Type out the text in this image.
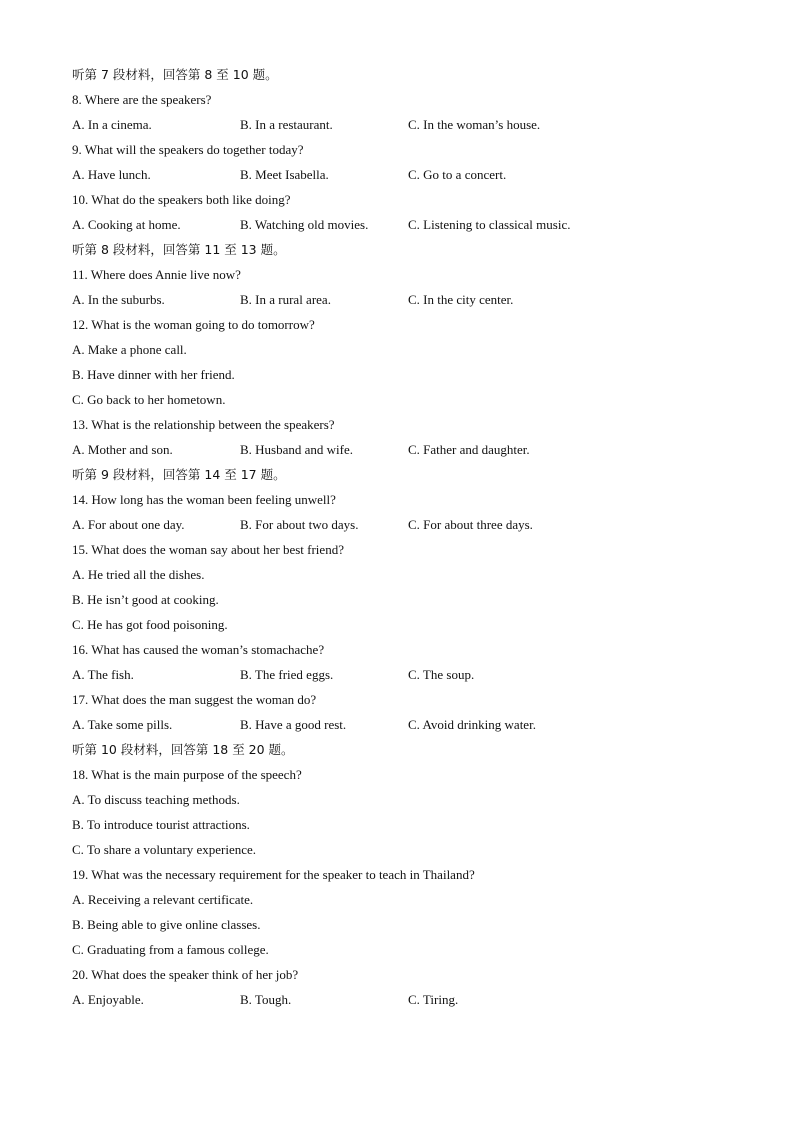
听第 7 段材料，回答第 8 至 10 题。
8. Where are the speakers?
A. In a cinema.	B. In a restaurant.	C. In the woman’s house.
9. What will the speakers do together today?
A. Have lunch.	B. Meet Isabella.	C. Go to a concert.
10. What do the speakers both like doing?
A. Cooking at home.	B. Watching old movies.	C. Listening to classical music.
听第 8 段材料，回答第 11 至 13 题。
11. Where does Annie live now?
A. In the suburbs.	B. In a rural area.	C. In the city center.
12. What is the woman going to do tomorrow?
A. Make a phone call.
B. Have dinner with her friend.
C. Go back to her hometown.
13. What is the relationship between the speakers?
A. Mother and son.	B. Husband and wife.	C. Father and daughter.
听第 9 段材料，回答第 14 至 17 题。
14. How long has the woman been feeling unwell?
A. For about one day.	B. For about two days.	C. For about three days.
15. What does the woman say about her best friend?
A. He tried all the dishes.
B. He isn’t good at cooking.
C. He has got food poisoning.
16. What has caused the woman’s stomachache?
A. The fish.	B. The fried eggs.	C. The soup.
17. What does the man suggest the woman do?
A. Take some pills.	B. Have a good rest.	C. Avoid drinking water.
听第 10 段材料，回答第 18 至 20 题。
18. What is the main purpose of the speech?
A. To discuss teaching methods.
B. To introduce tourist attractions.
C. To share a voluntary experience.
19. What was the necessary requirement for the speaker to teach in Thailand?
A. Receiving a relevant certificate.
B. Being able to give online classes.
C. Graduating from a famous college.
20. What does the speaker think of her job?
A. Enjoyable.	B. Tough.	C. Tiring.
